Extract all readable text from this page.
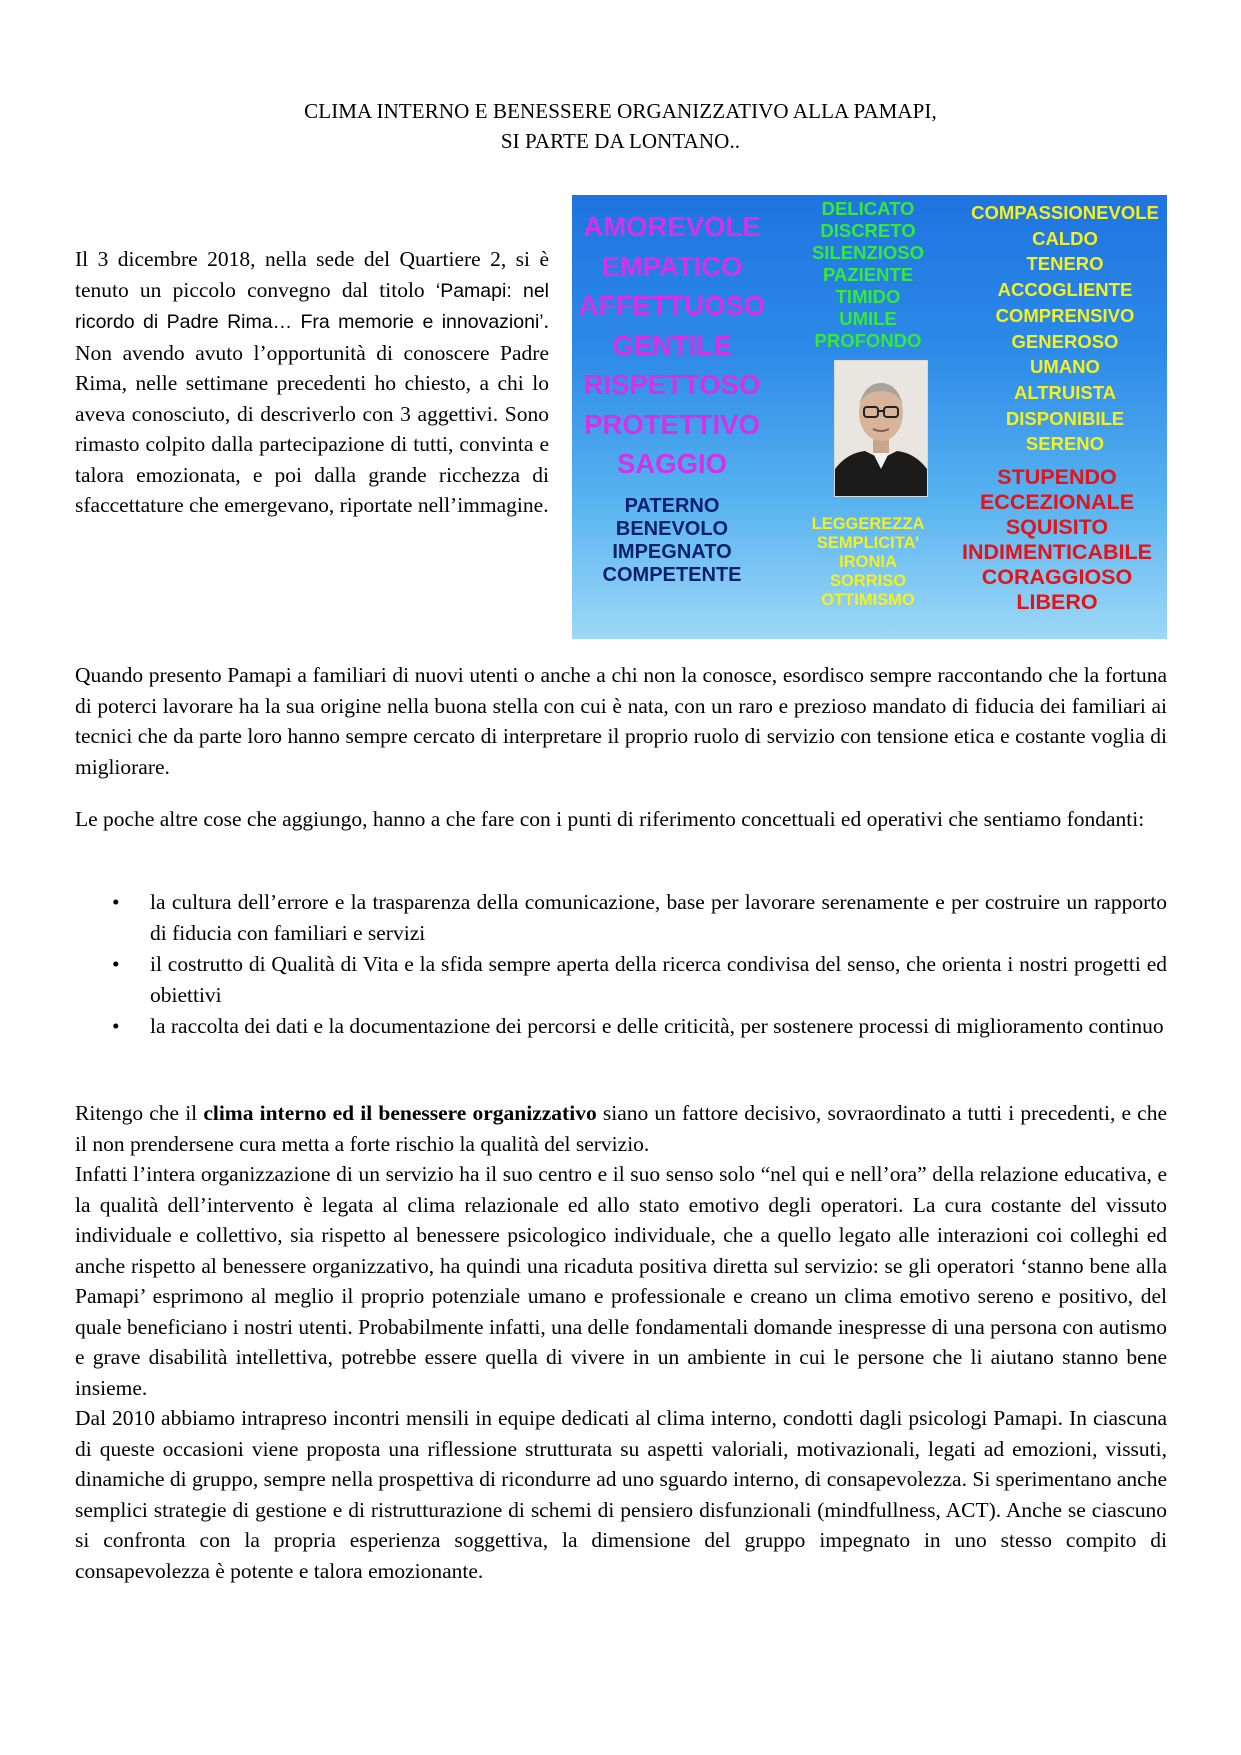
CLIMA INTERNO E BENESSERE ORGANIZZATIVO ALLA PAMAPI,
SI PARTE DA LONTANO..

Il 3 dicembre 2018, nella sede del Quartiere 2, si è tenuto un piccolo convegno dal titolo ‘Pamapi: nel ricordo di Padre Rima… Fra memorie e innovazioni’. Non avendo avuto l’opportunità di conoscere Padre Rima, nelle settimane precedenti ho chiesto, a chi lo aveva conosciuto, di descriverlo con 3 aggettivi. Sono rimasto colpito dalla partecipazione di tutti, convinta e talora emozionata, e poi dalla grande ricchezza di sfaccettature che emergevano, riportate nell’immagine.

AMOREVOLE
EMPATICO
AFFETTUOSO
GENTILE
RISPETTOSO
PROTETTIVO
SAGGIO
PATERNO
BENEVOLO
IMPEGNATO
COMPETENTE
DELICATO
DISCRETO
SILENZIOSO
PAZIENTE
TIMIDO
UMILE
PROFONDO
LEGGEREZZA
SEMPLICITA’
IRONIA
SORRISO
OTTIMISMO
COMPASSIONEVOLE
CALDO
TENERO
ACCOGLIENTE
COMPRENSIVO
GENEROSO
UMANO
ALTRUISTA
DISPONIBILE
SERENO
STUPENDO
ECCEZIONALE
SQUISITO
INDIMENTICABILE
CORAGGIOSO
LIBERO

Quando presento Pamapi a familiari di nuovi utenti o anche a chi non la conosce, esordisco sempre raccontando che la fortuna di poterci lavorare ha la sua origine nella buona stella con cui è nata, con un raro e prezioso mandato di fiducia dei familiari ai tecnici che da parte loro hanno sempre cercato di interpretare il proprio ruolo di servizio con tensione etica e costante voglia di migliorare.

Le poche altre cose che aggiungo, hanno a che fare con i punti di riferimento concettuali ed operativi che sentiamo fondanti:

• la cultura dell’errore e la trasparenza della comunicazione, base per lavorare serenamente e per costruire un rapporto di fiducia con familiari e servizi
• il costrutto di Qualità di Vita e la sfida sempre aperta della ricerca condivisa del senso, che orienta i nostri progetti ed obiettivi
• la raccolta dei dati e la documentazione dei percorsi e delle criticità, per sostenere processi di miglioramento continuo

Ritengo che il clima interno ed il benessere organizzativo siano un fattore decisivo, sovraordinato a tutti i precedenti, e che il non prendersene cura metta a forte rischio la qualità del servizio.

Infatti l’intera organizzazione di un servizio ha il suo centro e il suo senso solo “nel qui e nell’ora” della relazione educativa, e la qualità dell’intervento è legata al clima relazionale ed allo stato emotivo degli operatori. La cura costante del vissuto individuale e collettivo, sia rispetto al benessere psicologico individuale, che a quello legato alle interazioni coi colleghi ed anche rispetto al benessere organizzativo, ha quindi una ricaduta positiva diretta sul servizio: se gli operatori ‘stanno bene alla Pamapi’ esprimono al meglio il proprio potenziale umano e professionale e creano un clima emotivo sereno e positivo, del quale beneficiano i nostri utenti. Probabilmente infatti, una delle fondamentali domande inespresse di una persona con autismo e grave disabilità intellettiva, potrebbe essere quella di vivere in un ambiente in cui le persone che li aiutano stanno bene insieme.

Dal 2010 abbiamo intrapreso incontri mensili in equipe dedicati al clima interno, condotti dagli psicologi Pamapi. In ciascuna di queste occasioni viene proposta una riflessione strutturata su aspetti valoriali, motivazionali, legati ad emozioni, vissuti, dinamiche di gruppo, sempre nella prospettiva di ricondurre ad uno sguardo interno, di consapevolezza. Si sperimentano anche semplici strategie di gestione e di ristrutturazione di schemi di pensiero disfunzionali (mindfullness, ACT). Anche se ciascuno si confronta con la propria esperienza soggettiva, la dimensione del gruppo impegnato in uno stesso compito di consapevolezza è potente e talora emozionante.
